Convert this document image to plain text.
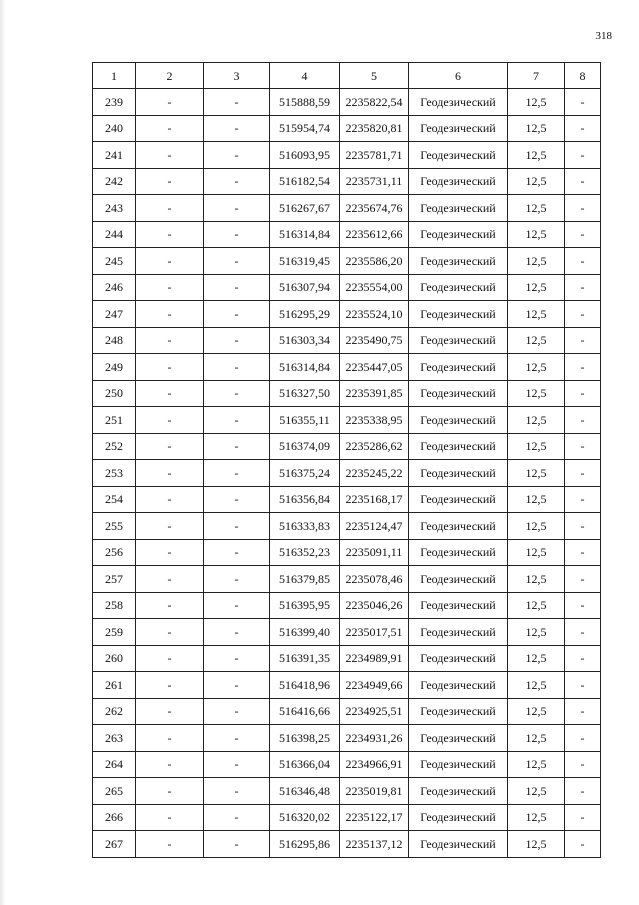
318
1	2	3	4	5	6	7	8
239	-	-	515888,59	2235822,54	Геодезический	12,5	-
240	-	-	515954,74	2235820,81	Геодезический	12,5	-
241	-	-	516093,95	2235781,71	Геодезический	12,5	-
242	-	-	516182,54	2235731,11	Геодезический	12,5	-
243	-	-	516267,67	2235674,76	Геодезический	12,5	-
244	-	-	516314,84	2235612,66	Геодезический	12,5	-
245	-	-	516319,45	2235586,20	Геодезический	12,5	-
246	-	-	516307,94	2235554,00	Геодезический	12,5	-
247	-	-	516295,29	2235524,10	Геодезический	12,5	-
248	-	-	516303,34	2235490,75	Геодезический	12,5	-
249	-	-	516314,84	2235447,05	Геодезический	12,5	-
250	-	-	516327,50	2235391,85	Геодезический	12,5	-
251	-	-	516355,11	2235338,95	Геодезический	12,5	-
252	-	-	516374,09	2235286,62	Геодезический	12,5	-
253	-	-	516375,24	2235245,22	Геодезический	12,5	-
254	-	-	516356,84	2235168,17	Геодезический	12,5	-
255	-	-	516333,83	2235124,47	Геодезический	12,5	-
256	-	-	516352,23	2235091,11	Геодезический	12,5	-
257	-	-	516379,85	2235078,46	Геодезический	12,5	-
258	-	-	516395,95	2235046,26	Геодезический	12,5	-
259	-	-	516399,40	2235017,51	Геодезический	12,5	-
260	-	-	516391,35	2234989,91	Геодезический	12,5	-
261	-	-	516418,96	2234949,66	Геодезический	12,5	-
262	-	-	516416,66	2234925,51	Геодезический	12,5	-
263	-	-	516398,25	2234931,26	Геодезический	12,5	-
264	-	-	516366,04	2234966,91	Геодезический	12,5	-
265	-	-	516346,48	2235019,81	Геодезический	12,5	-
266	-	-	516320,02	2235122,17	Геодезический	12,5	-
267	-	-	516295,86	2235137,12	Геодезический	12,5	-
